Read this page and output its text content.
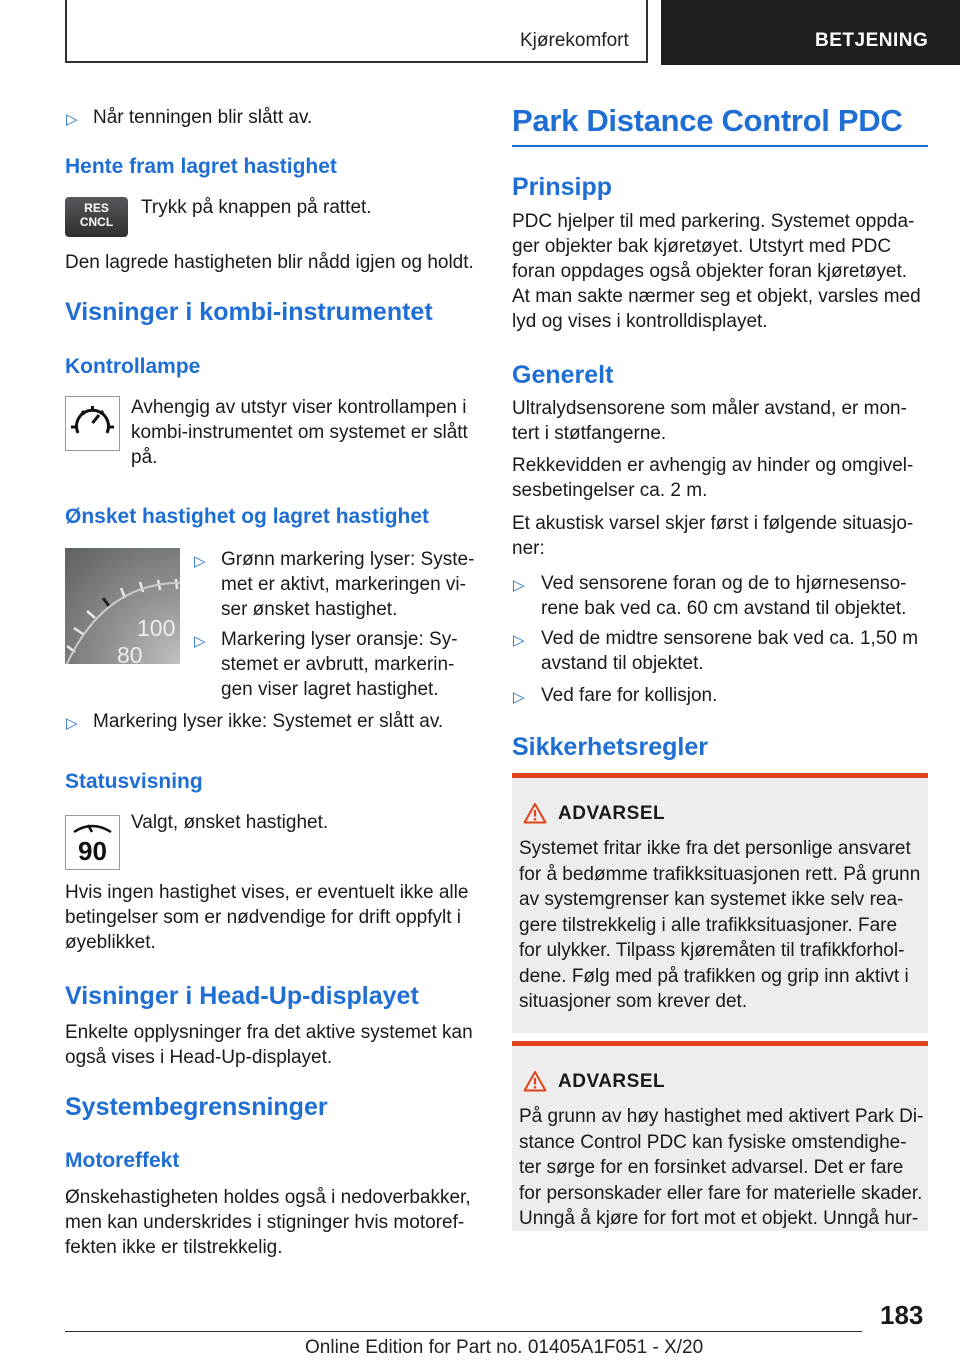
Kjørekomfort	BETJENING
▷ Når tenningen blir slått av.

Hente fram lagret hastighet

RES
CNCL

Trykk på knappen på rattet.

Den lagrede hastigheten blir nådd igjen og holdt.

Visninger i kombi-instrumentet

Kontrollampe

Avhengig av utstyr viser kontrollampen i

kombi-instrumentet om systemet er slått

på.

Ønsket hastighet og lagret hastighet

100
80
▷ Grønn markering lyser: Syste-

met er aktivt, markeringen vi-

ser ønsket hastighet.

▷ Markering lyser oransje: Sy-

stemet er avbrutt, markerin-

gen viser lagret hastighet.

▷ Markering lyser ikke: Systemet er slått av.

Statusvisning

90

Valgt, ønsket hastighet.

Hvis ingen hastighet vises, er eventuelt ikke alle

betingelser som er nødvendige for drift oppfylt i

øyeblikket.

Visninger i Head-Up-displayet

Enkelte opplysninger fra det aktive systemet kan

også vises i Head-Up-displayet.

Systembegrensninger

Motoreffekt

Ønskehastigheten holdes også i nedoverbakker,

men kan underskrides i stigninger hvis motoref-

fekten ikke er tilstrekkelig.

Park Distance Control PDC

Prinsipp

PDC hjelper til med parkering. Systemet oppda-

ger objekter bak kjøretøyet. Utstyrt med PDC

foran oppdages også objekter foran kjøretøyet.

At man sakte nærmer seg et objekt, varsles med

lyd og vises i kontrolldisplayet.

Generelt

Ultralydsensorene som måler avstand, er mon-

tert i støtfangerne.

Rekkevidden er avhengig av hinder og omgivel-

sesbetingelser ca. 2 m.

Et akustisk varsel skjer først i følgende situasjo-

ner:

▷ Ved sensorene foran og de to hjørnesenso-

rene bak ved ca. 60 cm avstand til objektet.

▷ Ved de midtre sensorene bak ved ca. 1,50 m

avstand til objektet.

▷ Ved fare for kollisjon.

Sikkerhetsregler

ADVARSEL
Systemet fritar ikke fra det personlige ansvaret
for å bedømme trafikksituasjonen rett. På grunn
av systemgrenser kan systemet ikke selv rea-
gere tilstrekkelig i alle trafikksituasjoner. Fare
for ulykker. Tilpass kjøremåten til trafikkforhol-
dene. Følg med på trafikken og grip inn aktivt i
situasjoner som krever det.
ADVARSEL
På grunn av høy hastighet med aktivert Park Di-
stance Control PDC kan fysiske omstendighe-
ter sørge for en forsinket advarsel. Det er fare
for personskader eller fare for materielle skader.
Unngå å kjøre for fort mot et objekt. Unngå hur-
183
Online Edition for Part no. 01405A1F051 - X/20
